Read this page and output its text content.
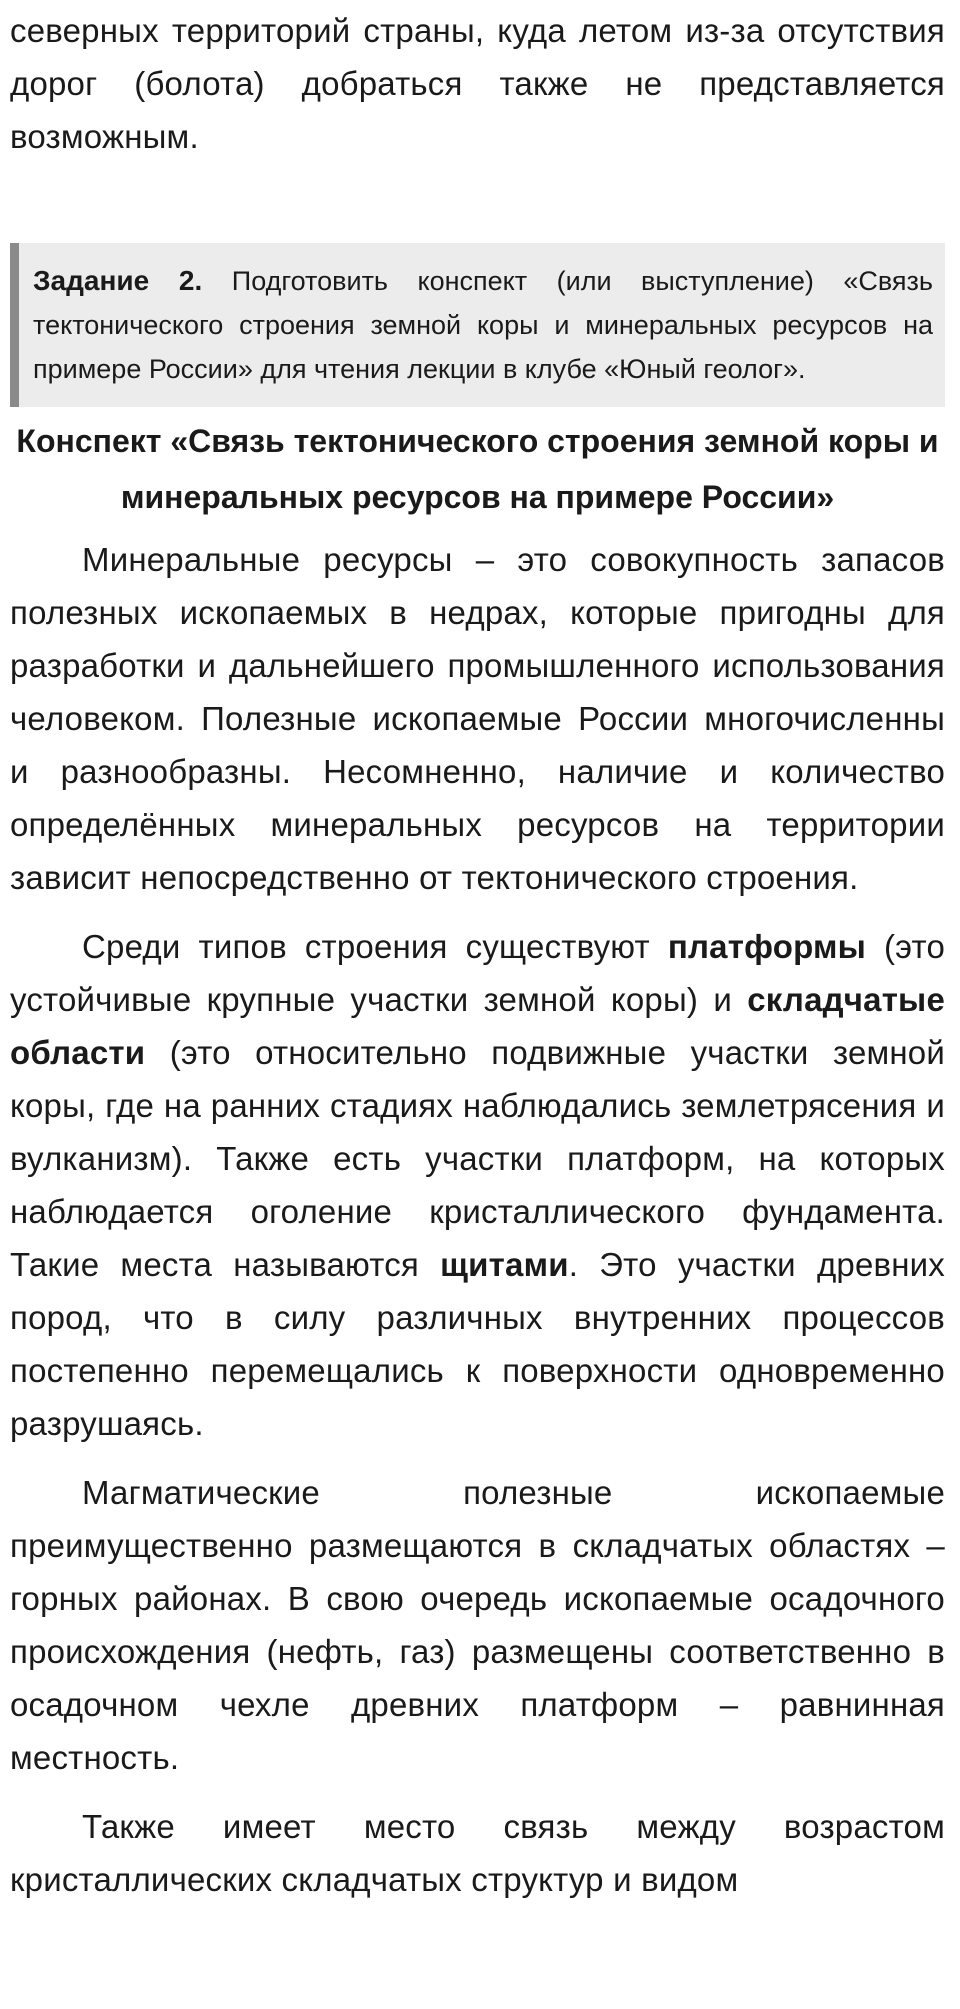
северных территорий страны, куда летом из-за отсутствия дорог (болота) добраться также не представляется возможным.

Задание 2. Подготовить конспект (или выступление) «Связь тектонического строения земной коры и минеральных ресурсов на примере России» для чтения лекции в клубе «Юный геолог».
Конспект «Связь тектонического строения земной коры и минеральных ресурсов на примере России»

Минеральные ресурсы – это совокупность запасов полезных ископаемых в недрах, которые пригодны для разработки и дальнейшего промышленного использования человеком. Полезные ископаемые России многочисленны и разнообразны. Несомненно, наличие и количество определённых минеральных ресурсов на территории зависит непосредственно от тектонического строения.

Среди типов строения существуют платформы (это устойчивые крупные участки земной коры) и складчатые области (это относительно подвижные участки земной коры, где на ранних стадиях наблюдались землетрясения и вулканизм). Также есть участки платформ, на которых наблюдается оголение кристаллического фундамента. Такие места называются щитами. Это участки древних пород, что в силу различных внутренних процессов постепенно перемещались к поверхности одновременно разрушаясь.

Магматические полезные ископаемые преимущественно размещаются в складчатых областях – горных районах. В свою очередь ископаемые осадочного происхождения (нефть, газ) размещены соответственно в осадочном чехле древних платформ – равнинная местность.

Также имеет место связь между возрастом кристаллических складчатых структур и видом
